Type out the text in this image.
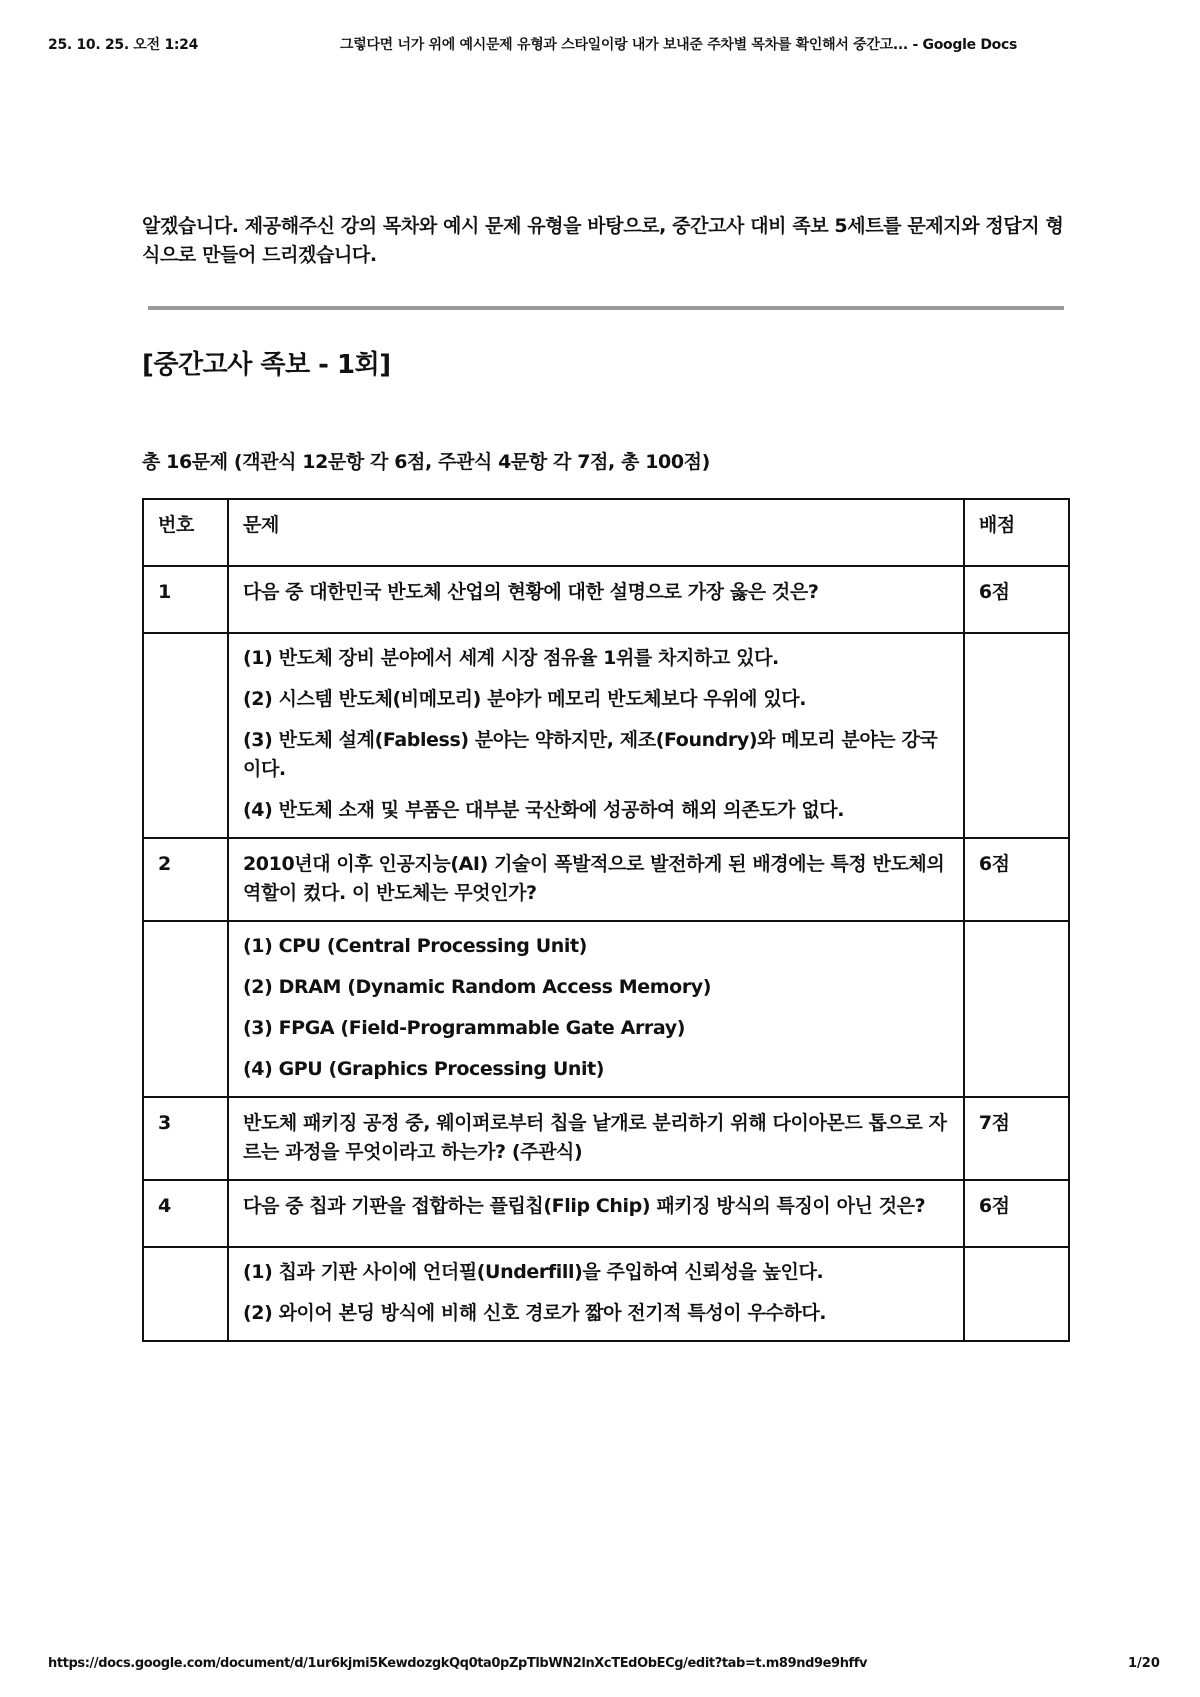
25. 10. 25. 오전 1:24	그렇다면 너가 위에 예시문제 유형과 스타일이랑 내가 보내준 주차별 목차를 확인해서 중간고... - Google Docs

알겠습니다. 제공해주신 강의 목차와 예시 문제 유형을 바탕으로, 중간고사 대비 족보 5세트를 문제지와 정답지 형식으로 만들어 드리겠습니다.

[중간고사 족보 - 1회]
총 16문제 (객관식 12문항 각 6점, 주관식 4문항 각 7점, 총 100점)
번호	문제	배점
1	다음 중 대한민국 반도체 산업의 현황에 대한 설명으로 가장 옳은 것은?	6점

	(1) 반도체 장비 분야에서 세계 시장 점유율 1위를 차지하고 있다.
(2) 시스템 반도체(비메모리) 분야가 메모리 반도체보다 우위에 있다.
(3) 반도체 설계(Fabless) 분야는 약하지만, 제조(Foundry)와 메모리 분야는 강국이다.
(4) 반도체 소재 및 부품은 대부분 국산화에 성공하여 해외 의존도가 없다.	

2	2010년대 이후 인공지능(AI) 기술이 폭발적으로 발전하게 된 배경에는 특정 반도체의 역할이 컸다. 이 반도체는 무엇인가?	6점

	(1) CPU (Central Processing Unit)
(2) DRAM (Dynamic Random Access Memory)
(3) FPGA (Field-Programmable Gate Array)
(4) GPU (Graphics Processing Unit)	

3	반도체 패키징 공정 중, 웨이퍼로부터 칩을 낱개로 분리하기 위해 다이아몬드 톱으로 자르는 과정을 무엇이라고 하는가? (주관식)	7점
4	다음 중 칩과 기판을 접합하는 플립칩(Flip Chip) 패키징 방식의 특징이 아닌 것은?	6점

	(1) 칩과 기판 사이에 언더필(Underfill)을 주입하여 신뢰성을 높인다.
(2) 와이어 본딩 방식에 비해 신호 경로가 짧아 전기적 특성이 우수하다.	

https://docs.google.com/document/d/1ur6kjmi5KewdozgkQq0ta0pZpTlbWN2lnXcTEdObECg/edit?tab=t.m89nd9e9hffv	1/20
